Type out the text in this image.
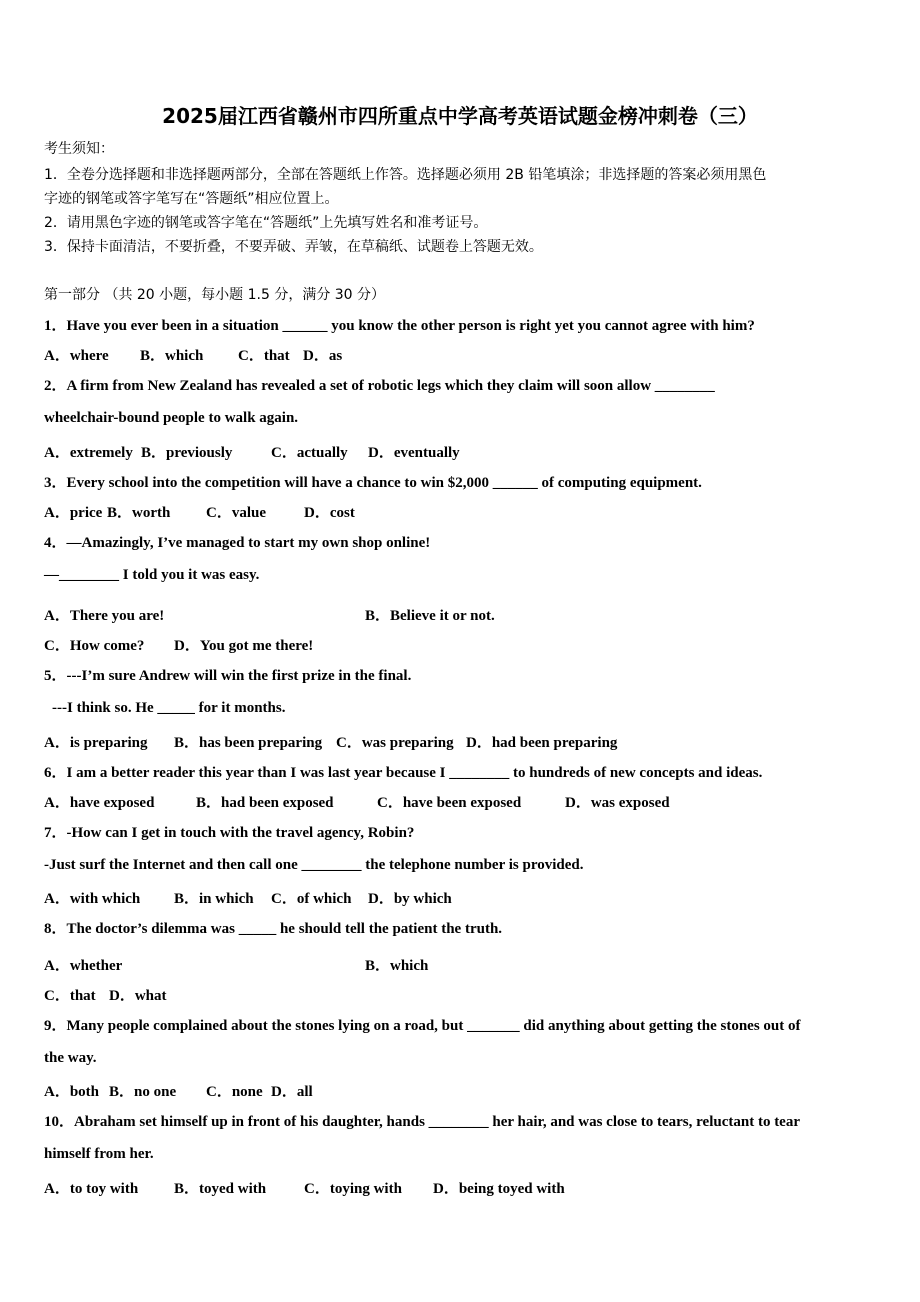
2025届江西省赣州市四所重点中学高考英语试题金榜冲刺卷（三）
考生须知：
1．全卷分选择题和非选择题两部分，全部在答题纸上作答。选择题必须用 2B 铅笔填涂；非选择题的答案必须用黑色
字迹的钢笔或答字笔写在“答题纸”相应位置上。
2．请用黑色字迹的钢笔或答字笔在“答题纸”上先填写姓名和准考证号。
3．保持卡面清洁，不要折叠，不要弄破、弄皱，在草稿纸、试题卷上答题无效。
第一部分 （共 20 小题，每小题 1.5 分，满分 30 分）
1．Have you ever been in a situation ______ you know the other person is right yet you cannot agree with him?
A．where B．which C．that D．as
2．A firm from New Zealand has revealed a set of robotic legs which they claim will soon allow ________
wheelchair-bound people to walk again.
A．extremely B．previously	C．actually D．eventually
3．Every school into the competition will have a chance to win $2,000 ______ of computing equipment.
A．price B．worth C．value	D．cost
4．—Amazingly, I’ve managed to start my own shop online!
—________ I told you it was easy.
A．There you are!	B．Believe it or not.
C．How come? D．You got me there!
5．---I’m sure Andrew will win the first prize in the final.
---I think so. He _____ for it months.
A．is preparing B．has been preparing C．was preparing D．had been preparing
6．I am a better reader this year than I was last year because I ________ to hundreds of new concepts and ideas.
A．have exposed	B．had been exposed	C．have been exposed	D．was exposed
7．-How can I get in touch with the travel agency, Robin?
-Just surf the Internet and then call one ________ the telephone number is provided.
A．with which B．in which C．of which D．by which
8．The doctor’s dilemma was _____ he should tell the patient the truth.
A．whether	B．which
C．that D．what
9．Many people complained about the stones lying on a road, but _______ did anything about getting the stones out of
the way.
A．both B．no one C．none D．all
10．Abraham set himself up in front of his daughter, hands ________ her hair, and was close to tears, reluctant to tear
himself from her.
A．to toy with B．toyed with	C．toying with D．being toyed with
